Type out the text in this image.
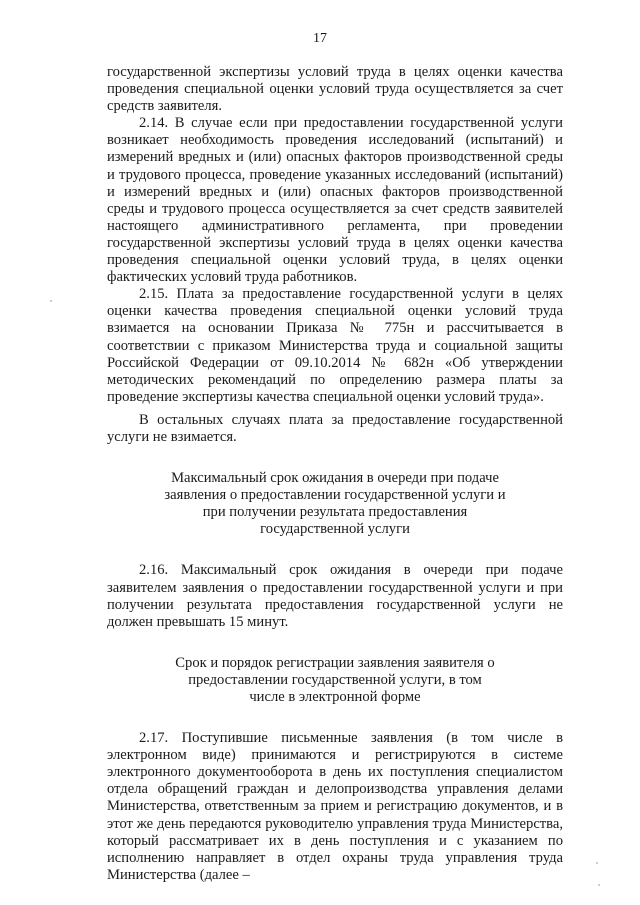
17

государственной экспертизы условий труда в целях оценки качества проведения специальной оценки условий труда осуществляется за счет средств заявителя.

2.14. В случае если при предоставлении государственной услуги возникает необходимость проведения исследований (испытаний) и измерений вредных и (или) опасных факторов производственной среды и трудового процесса, проведение указанных исследований (испытаний) и измерений вредных и (или) опасных факторов производственной среды и трудового процесса осуществляется за счет средств заявителей настоящего административного регламента, при проведении государственной экспертизы условий труда в целях оценки качества проведения специальной оценки условий труда, в целях оценки фактических условий труда работников.

2.15. Плата за предоставление государственной услуги в целях оценки качества проведения специальной оценки условий труда взимается на основании Приказа № 775н и рассчитывается в соответствии с приказом Министерства труда и социальной защиты Российской Федерации от 09.10.2014 № 682н «Об утверждении методических рекомендаций по определению размера платы за проведение экспертизы качества специальной оценки условий труда».

В остальных случаях плата за предоставление государственной услуги не взимается.

Максимальный срок ожидания в очереди при подаче

заявления о предоставлении государственной услуги и

при получении результата предоставления

государственной услуги

2.16. Максимальный срок ожидания в очереди при подаче заявителем заявления о предоставлении государственной услуги и при получении результата предоставления государственной услуги не должен превышать 15 минут.

Срок и порядок регистрации заявления заявителя о

предоставлении государственной услуги, в том

числе в электронной форме

2.17. Поступившие письменные заявления (в том числе в электронном виде) принимаются и регистрируются в системе электронного документооборота в день их поступления специалистом отдела обращений граждан и делопроизводства управления делами Министерства, ответственным за прием и регистрацию документов, и в этот же день передаются руководителю управления труда Министерства, который рассматривает их в день поступления и с указанием по исполнению направляет в отдел охраны труда управления труда Министерства (далее –
